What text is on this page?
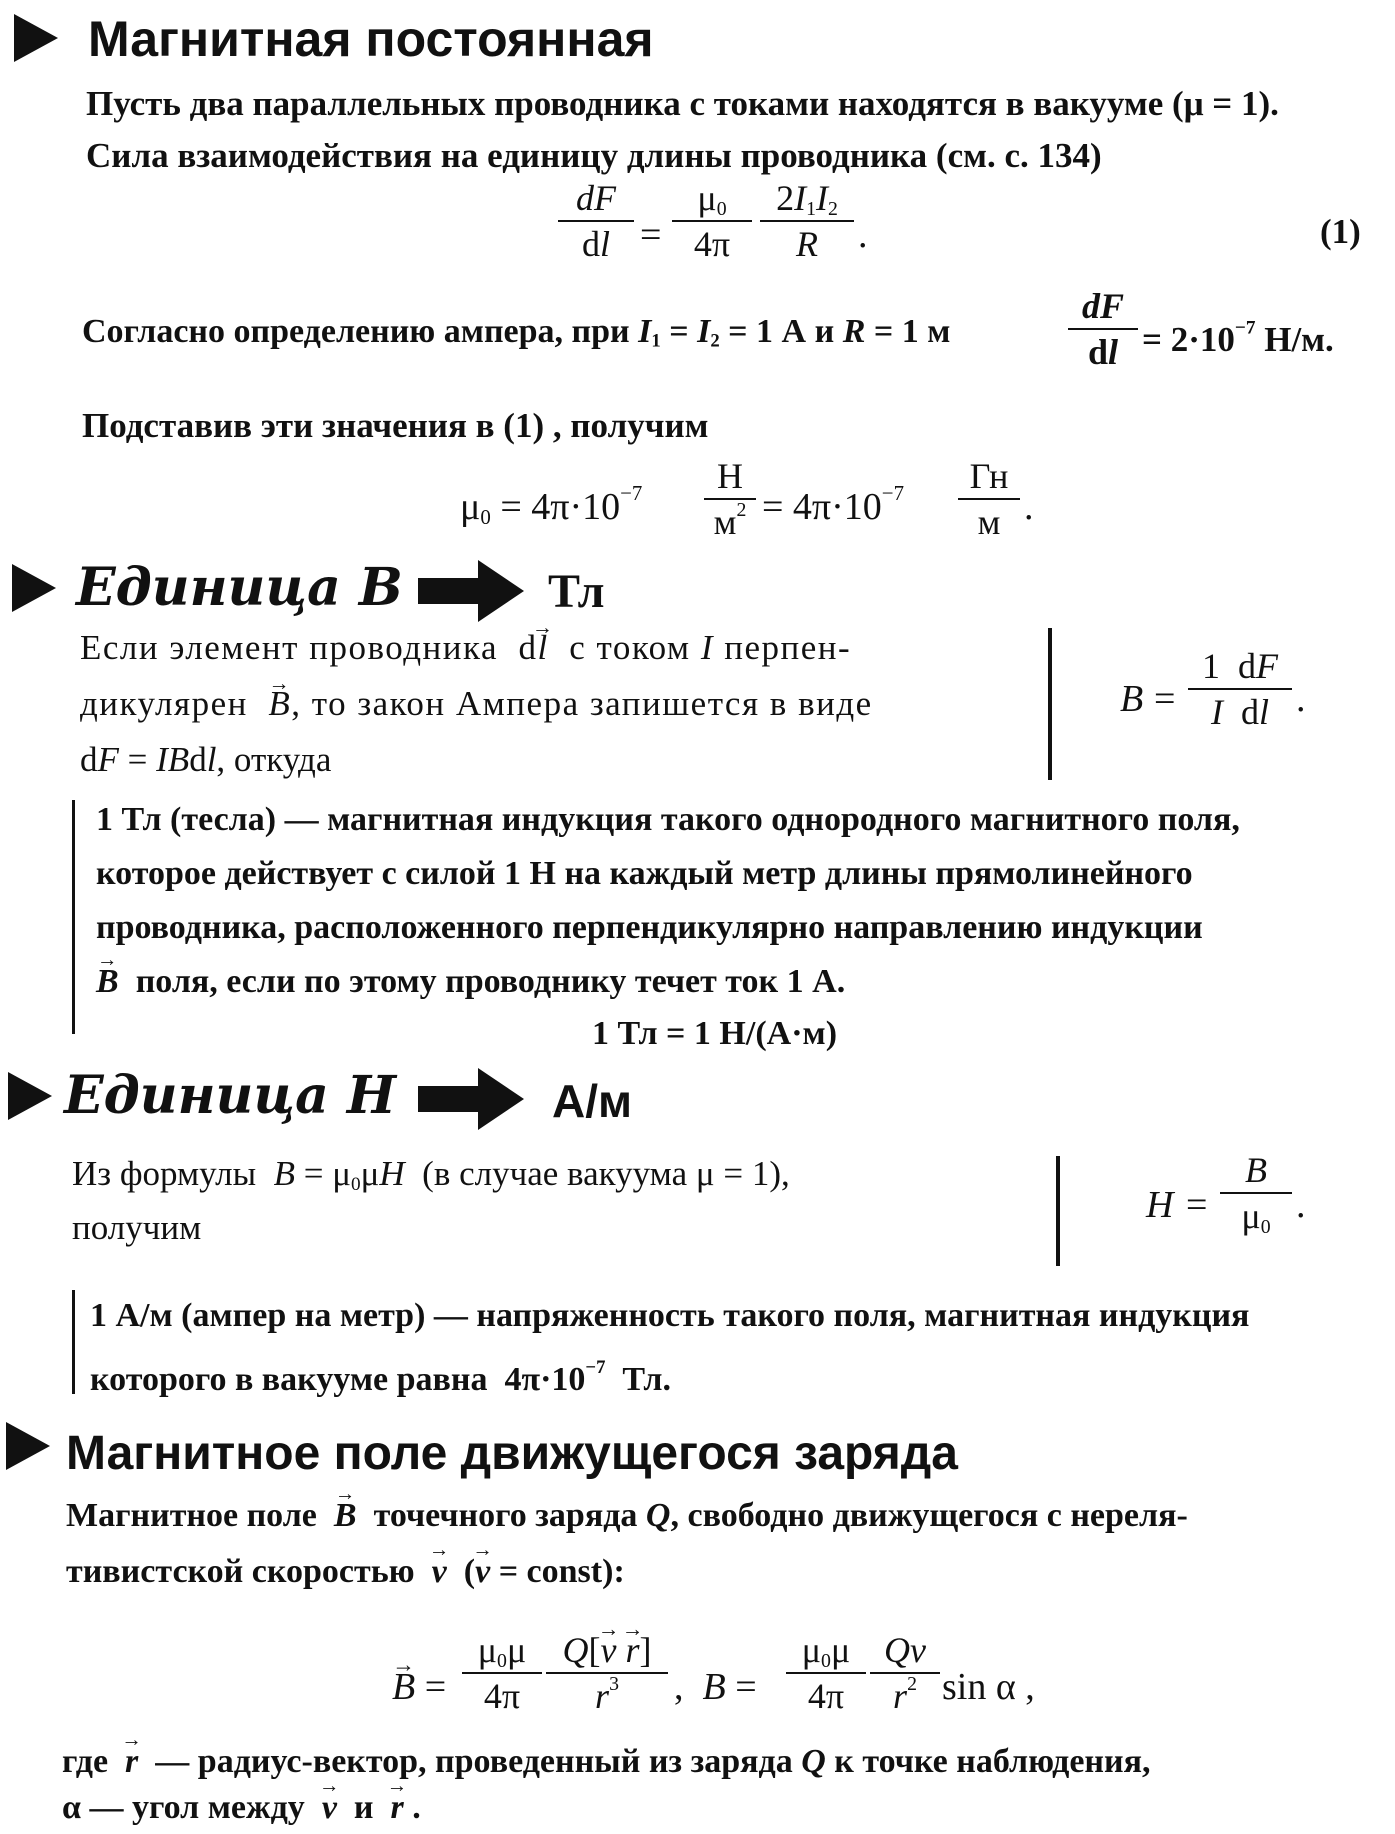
Магнитная постоянная
Пусть два параллельных проводника с токами находятся в вакууме (μ = 1).
Сила взаимодействия на единицу длины проводника (см. с. 134)
$\frac{dF}{dl} = \frac{\mu_0}{4\pi} \frac{2I_1I_2}{R}$ .	(1)
Согласно определению ампера, при $I_1 = I_2 = 1$ А и R = 1 м	$\frac{dF}{dl} = 2\cdot 10^{-7}$ Н/м.
Подставив эти значения в (1) , получим
$\mu_0 = 4\pi\cdot 10^{-7}$	Н
$м^2 = 4\pi\cdot 10^{-7}$	Гн
м .
Единица B	Тл
Если элемент проводника  d→ l с током I перпен-
дикулярен → B, то закон Ампера запишется в виде
dF = IBdl, откуда
$B = \frac{1 dF}{\text{I  dl}}$ .
1 Тл (тесла) — магнитная индукция такого однородного магнитного поля,
которое действует с силой 1 Н на каждый метр длины прямолинейного
проводника, расположенного перпендикулярно направлению индукции
→ B поля, если по этому проводнику течет ток 1 А.
1 Тл = 1 Н/(А·м)
Единица H	А/м
Из формулы $B = \mu_0\mu H$ (в случае вакуума μ = 1),
получим
$H = \frac{B}{\mu_0}$ .
1 А/м (ампер на метр) — напряженность такого поля, магнитная индукция
которого в вакууме равна  $4\pi\cdot 10^{-7}$ Тл.
Магнитное поле движущегося заряда
Магнитное поле → B точечного заряда Q, свободно движущегося с нереля-
тивистской скоростью → v  (→ v = const):
→ $B = \frac{\mu_0\mu}{4\pi} \frac{Q[\to v \to r]}{r^3}$ ,  $B = \frac{\mu_0\mu}{4\pi} \frac{Qv}{r^2}$ sin α ,
где → r — радиус-вектор, проведенный из заряда Q к точке наблюдения,
α — угол между → v и → r .
